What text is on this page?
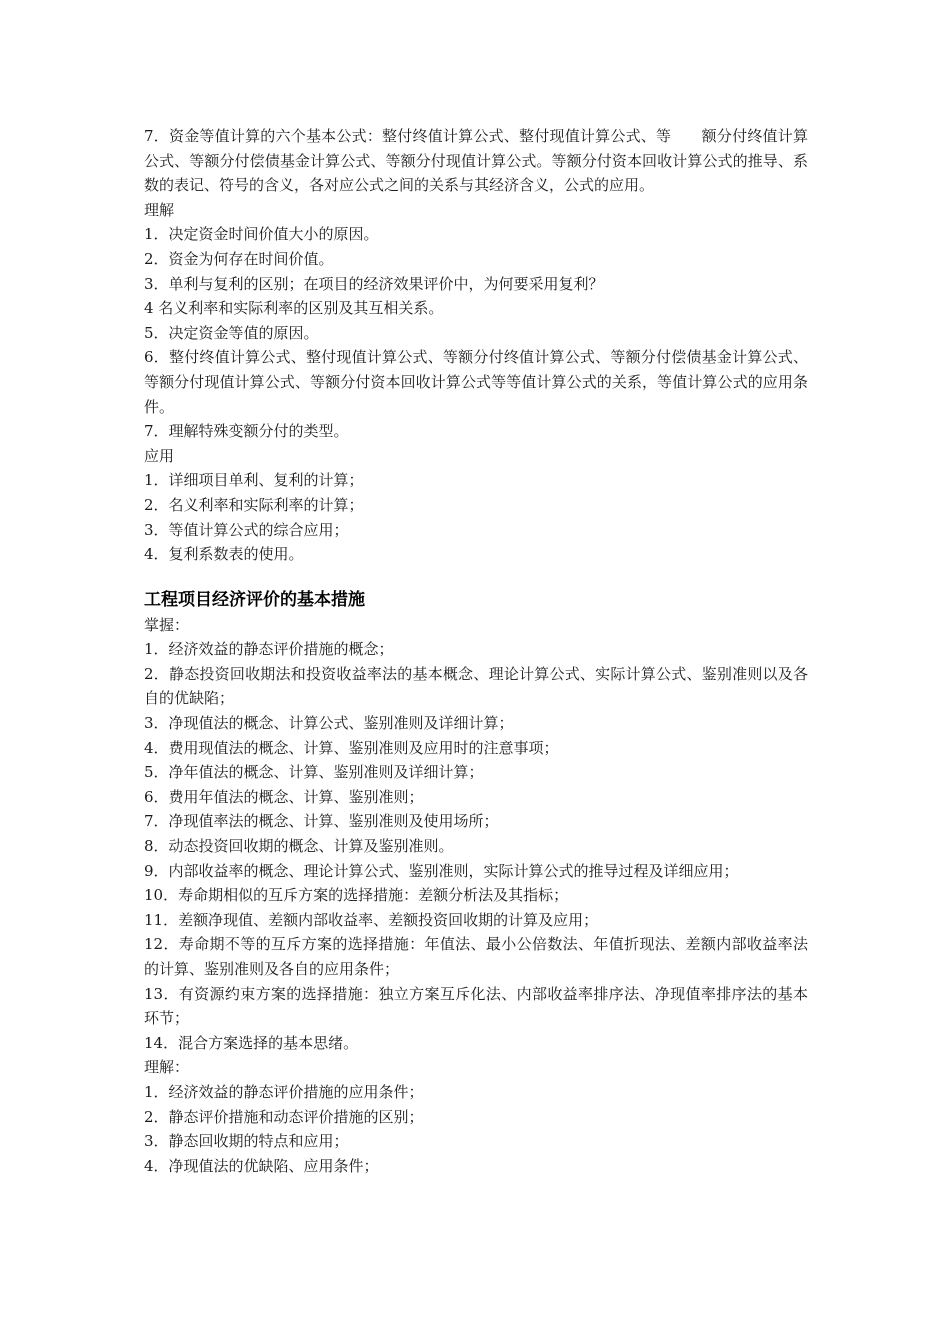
7．资金等值计算的六个基本公式：整付终值计算公式、整付现值计算公式、等　　额分付终值计算公式、等额分付偿债基金计算公式、等额分付现值计算公式。等额分付资本回收计算公式的推导、系数的表记、符号的含义，各对应公式之间的关系与其经济含义，公式的应用。

理解

1．决定资金时间价值大小的原因。

2．资金为何存在时间价值。

3．单利与复利的区别；在项目的经济效果评价中，为何要采用复利？

4 名义利率和实际利率的区别及其互相关系。

5．决定资金等值的原因。

6．整付终值计算公式、整付现值计算公式、等额分付终值计算公式、等额分付偿债基金计算公式、等额分付现值计算公式、等额分付资本回收计算公式等等值计算公式的关系，等值计算公式的应用条件。

7．理解特殊变额分付的类型。

应用

1．详细项目单利、复利的计算；

2．名义利率和实际利率的计算；

3．等值计算公式的综合应用；

4．复利系数表的使用。

工程项目经济评价的基本措施

掌握：

1．经济效益的静态评价措施的概念；

2．静态投资回收期法和投资收益率法的基本概念、理论计算公式、实际计算公式、鉴别准则以及各自的优缺陷；

3．净现值法的概念、计算公式、鉴别准则及详细计算；

4．费用现值法的概念、计算、鉴别准则及应用时的注意事项；

5．净年值法的概念、计算、鉴别准则及详细计算；

6．费用年值法的概念、计算、鉴别准则；

7．净现值率法的概念、计算、鉴别准则及使用场所；

8．动态投资回收期的概念、计算及鉴别准则。

9．内部收益率的概念、理论计算公式、鉴别准则，实际计算公式的推导过程及详细应用；

10．寿命期相似的互斥方案的选择措施：差额分析法及其指标；

11．差额净现值、差额内部收益率、差额投资回收期的计算及应用；

12．寿命期不等的互斥方案的选择措施：年值法、最小公倍数法、年值折现法、差额内部收益率法的计算、鉴别准则及各自的应用条件；

13．有资源约束方案的选择措施：独立方案互斥化法、内部收益率排序法、净现值率排序法的基本环节；

14．混合方案选择的基本思绪。

理解：

1．经济效益的静态评价措施的应用条件；

2．静态评价措施和动态评价措施的区别；

3．静态回收期的特点和应用；

4．净现值法的优缺陷、应用条件；
